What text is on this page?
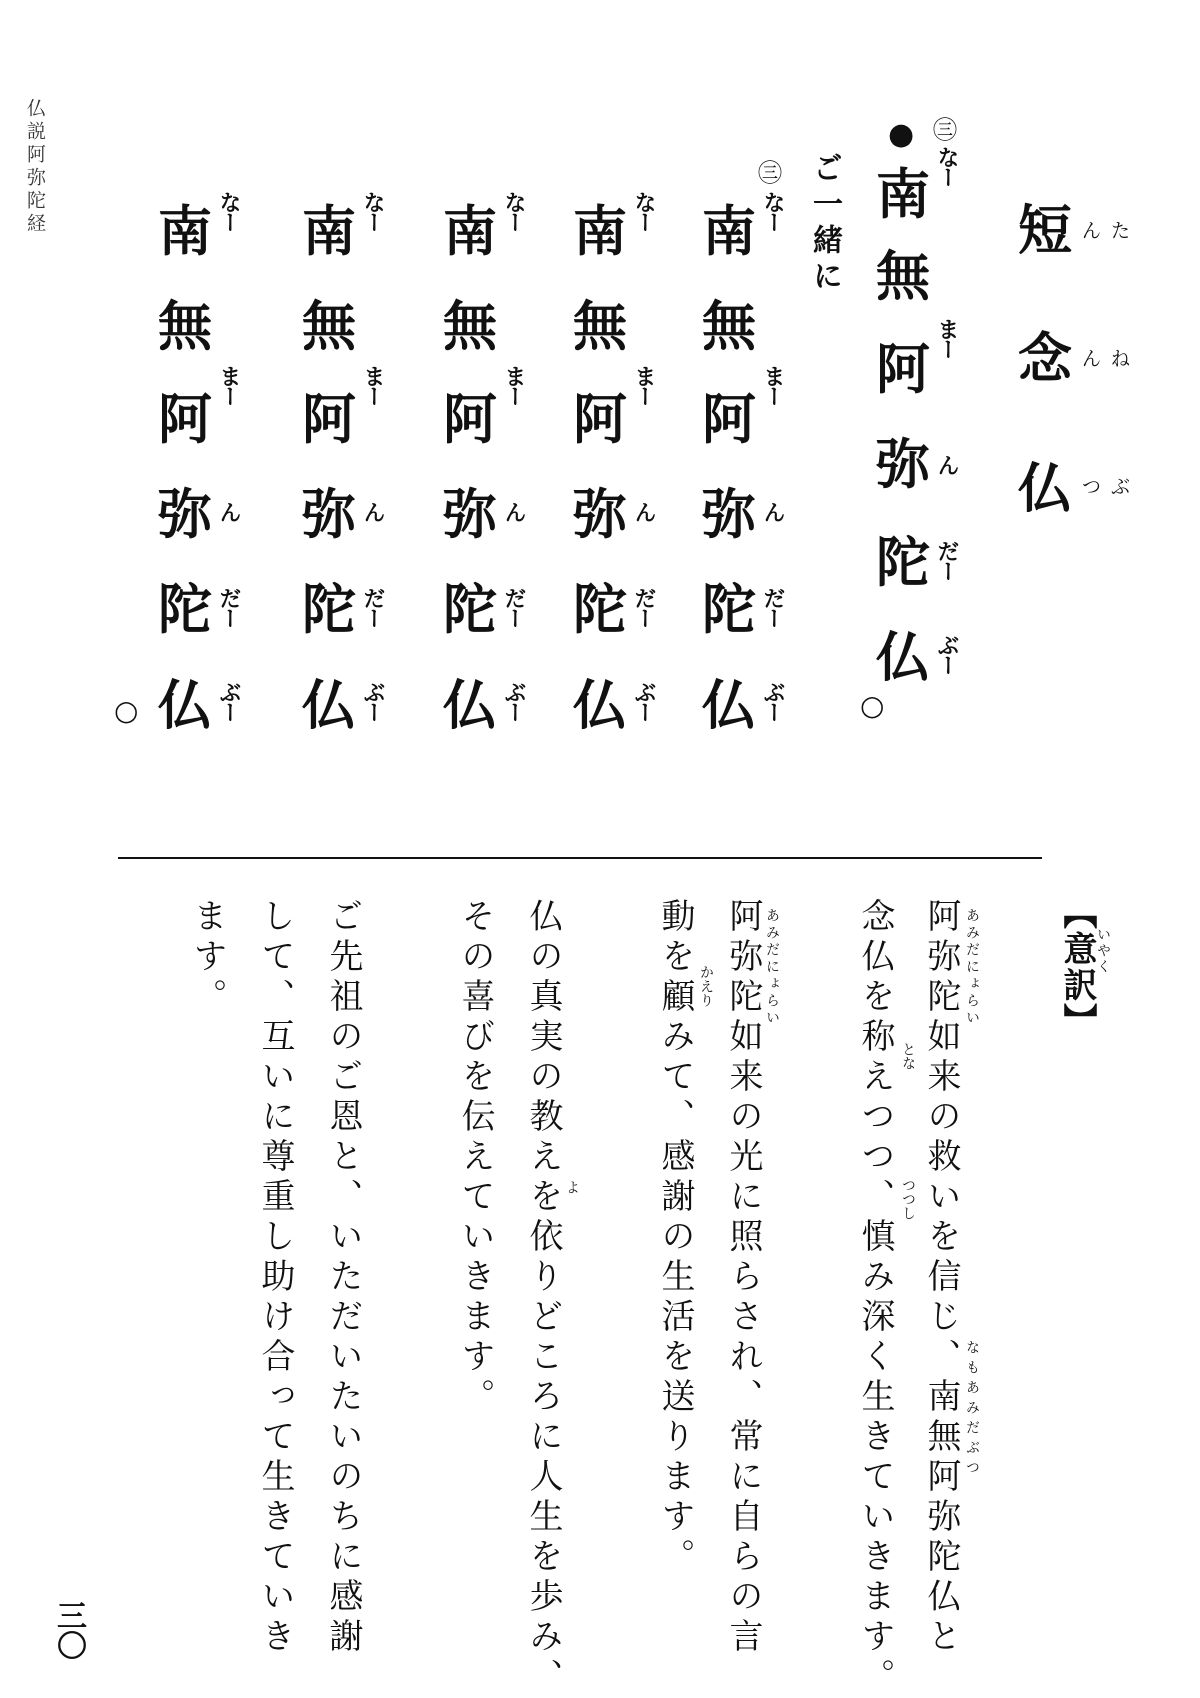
仏説阿弥陀経	短	たん
念	ねん
仏	ぶつ
● ㊂
南 なー
無
阿 まー
弥 ん
陀 だー
仏 ぶー
○
ご一緒に
㊂
南 なー
無
阿
まー
弥 ん
陀 だー
仏 ぶー
南 なー
無
阿
まー
弥 ん
陀 だー
仏 ぶー
南 なー
無
阿
まー
弥 ん
陀 だー
仏 ぶー
南 なー
無
阿
まー
弥 ん
陀 だー
仏 ぶー
南 なー
無
阿
まー
弥 ん
陀 だー
仏 ぶー
○
【意訳】
いやく
阿弥陀如来の救いを信じ、南無阿弥陀仏と
念仏を称えつつ、慎み深く生きていきます。
阿弥陀如来の光に照らされ、常に自らの言
動を顧みて、感謝の生活を送ります。
仏の真実の教えを依りどころに人生を歩み、
その喜びを伝えていきます。
ご先祖のご恩と、いただいたいのちに感謝
して、互いに尊重し助け合って生きていき
ます。	あみだにょらい
とな
つつし
なもあみだぶつ
あみだにょらい
かえり
よ
三〇
